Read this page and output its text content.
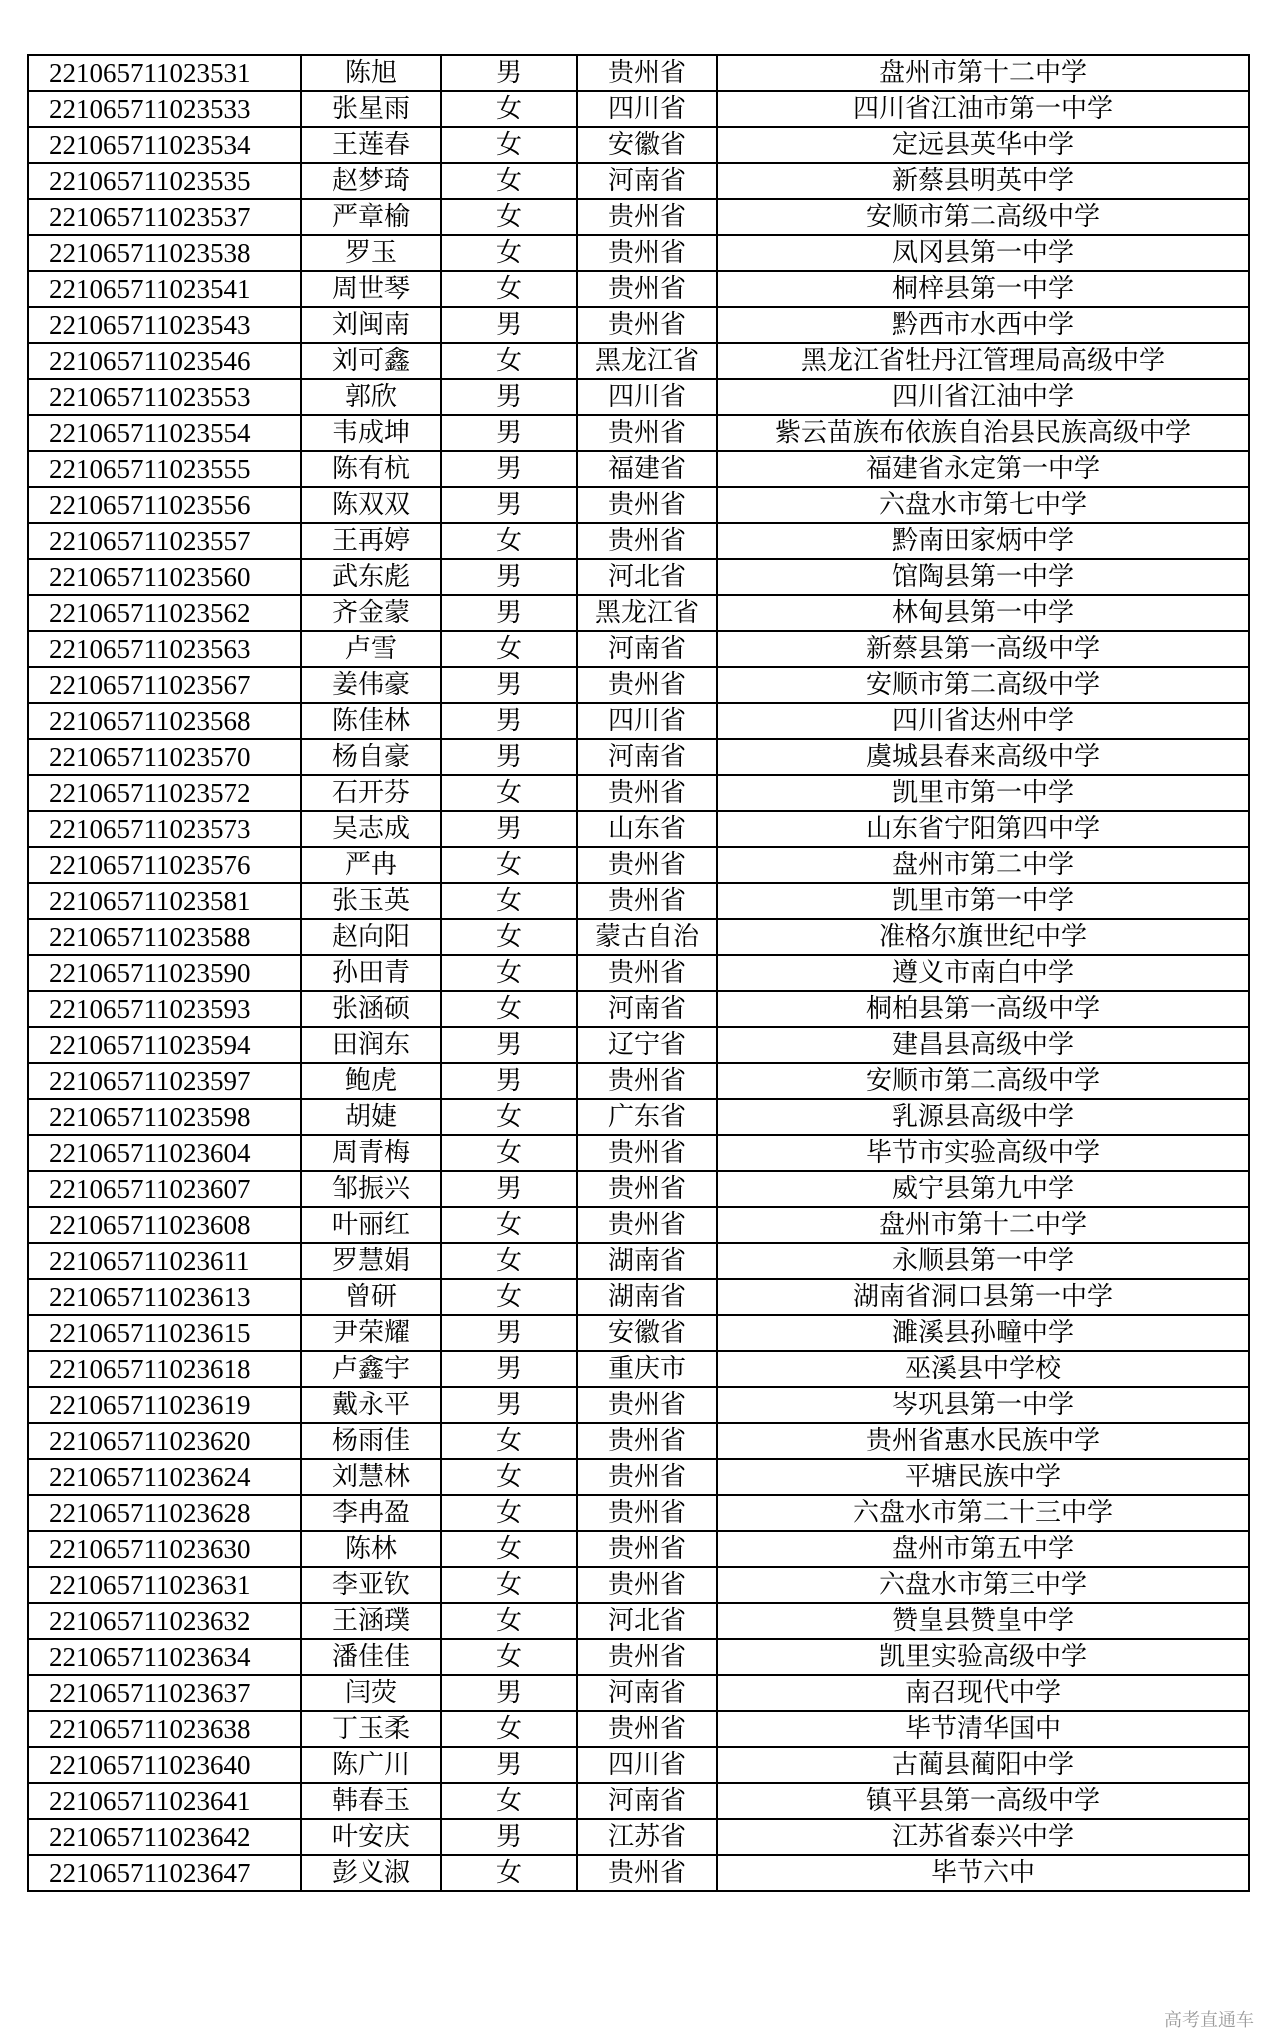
221065711023531	陈旭	男	贵州省	盘州市第十二中学
221065711023533	张星雨	女	四川省	四川省江油市第一中学
221065711023534	王莲春	女	安徽省	定远县英华中学
221065711023535	赵梦琦	女	河南省	新蔡县明英中学
221065711023537	严章榆	女	贵州省	安顺市第二高级中学
221065711023538	罗玉	女	贵州省	凤冈县第一中学
221065711023541	周世琴	女	贵州省	桐梓县第一中学
221065711023543	刘闽南	男	贵州省	黔西市水西中学
221065711023546	刘可鑫	女	黑龙江省	黑龙江省牡丹江管理局高级中学
221065711023553	郭欣	男	四川省	四川省江油中学
221065711023554	韦成坤	男	贵州省	紫云苗族布依族自治县民族高级中学
221065711023555	陈有杭	男	福建省	福建省永定第一中学
221065711023556	陈双双	男	贵州省	六盘水市第七中学
221065711023557	王再婷	女	贵州省	黔南田家炳中学
221065711023560	武东彪	男	河北省	馆陶县第一中学
221065711023562	齐金蒙	男	黑龙江省	林甸县第一中学
221065711023563	卢雪	女	河南省	新蔡县第一高级中学
221065711023567	姜伟豪	男	贵州省	安顺市第二高级中学
221065711023568	陈佳林	男	四川省	四川省达州中学
221065711023570	杨自豪	男	河南省	虞城县春来高级中学
221065711023572	石开芬	女	贵州省	凯里市第一中学
221065711023573	吴志成	男	山东省	山东省宁阳第四中学
221065711023576	严冉	女	贵州省	盘州市第二中学
221065711023581	张玉英	女	贵州省	凯里市第一中学
221065711023588	赵向阳	女	蒙古自治	准格尔旗世纪中学
221065711023590	孙田青	女	贵州省	遵义市南白中学
221065711023593	张涵硕	女	河南省	桐柏县第一高级中学
221065711023594	田润东	男	辽宁省	建昌县高级中学
221065711023597	鲍虎	男	贵州省	安顺市第二高级中学
221065711023598	胡婕	女	广东省	乳源县高级中学
221065711023604	周青梅	女	贵州省	毕节市实验高级中学
221065711023607	邹振兴	男	贵州省	威宁县第九中学
221065711023608	叶丽红	女	贵州省	盘州市第十二中学
221065711023611	罗慧娟	女	湖南省	永顺县第一中学
221065711023613	曾研	女	湖南省	湖南省洞口县第一中学
221065711023615	尹荣耀	男	安徽省	濉溪县孙疃中学
221065711023618	卢鑫宇	男	重庆市	巫溪县中学校
221065711023619	戴永平	男	贵州省	岑巩县第一中学
221065711023620	杨雨佳	女	贵州省	贵州省惠水民族中学
221065711023624	刘慧林	女	贵州省	平塘民族中学
221065711023628	李冉盈	女	贵州省	六盘水市第二十三中学
221065711023630	陈林	女	贵州省	盘州市第五中学
221065711023631	李亚钦	女	贵州省	六盘水市第三中学
221065711023632	王涵璞	女	河北省	赞皇县赞皇中学
221065711023634	潘佳佳	女	贵州省	凯里实验高级中学
221065711023637	闫荧	男	河南省	南召现代中学
221065711023638	丁玉柔	女	贵州省	毕节清华国中
221065711023640	陈广川	男	四川省	古蔺县蔺阳中学
221065711023641	韩春玉	女	河南省	镇平县第一高级中学
221065711023642	叶安庆	男	江苏省	江苏省泰兴中学
221065711023647	彭义淑	女	贵州省	毕节六中
高考直通车
